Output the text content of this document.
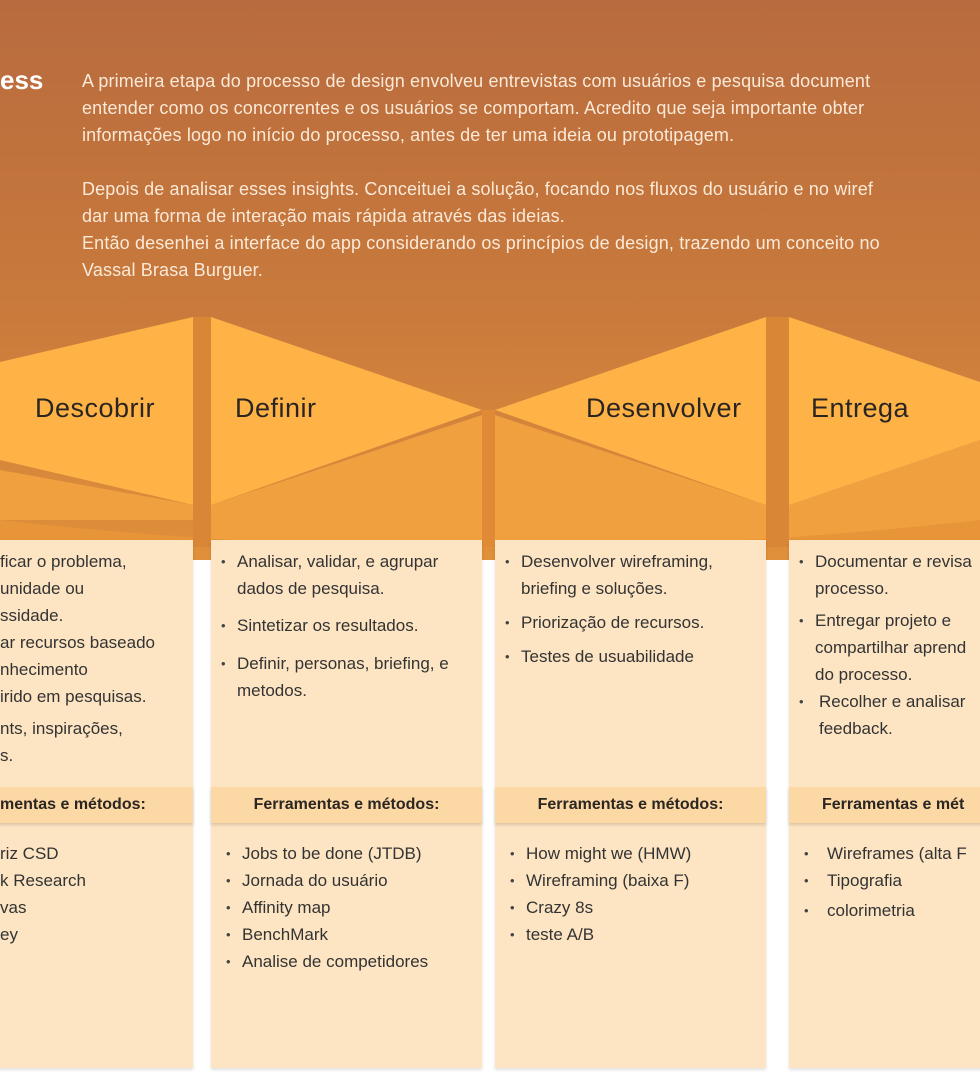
ess A primeira etapa do processo de design envolveu entrevistas com usuários e pesquisa document

entender como os concorrentes e os usuários se comportam. Acredito que seja importante obter

informações logo no início do processo, antes de ter uma ideia ou prototipagem.

Depois de analisar esses insights. Conceituei a solução, focando nos fluxos do usuário e no wiref

dar uma forma de interação mais rápida através das ideias.

Então desenhei a interface do app considerando os princípios de design, trazendo um conceito no

Vassal Brasa Burguer.

Descobrir	Definir	Desenvolver	Entrega
• ficar o problema,
unidade ou
ssidade.
• ar recursos baseado
nhecimento
irido em pesquisas.
• nts, inspirações,
s.
mentas e métodos:
• riz CSD
• k Research
• vas
• ey
• Analisar, validar, e agrupar
dados de pesquisa.
• Sintetizar os resultados.
• Definir, personas, briefing, e
metodos.
Ferramentas e métodos:
• Jobs to be done (JTDB)
• Jornada do usuário
• Affinity map
• BenchMark
• Analise de competidores
• Desenvolver wireframing,
briefing e soluções.
• Priorização de recursos.
• Testes de usuabilidade
Ferramentas e métodos:
• How might we (HMW)
• Wireframing (baixa F)
• Crazy 8s
• teste A/B
• Documentar e revisa
processo.
• Entregar projeto e
compartilhar aprend
do processo.
• Recolher e analisar
feedback.
Ferramentas e mét
• Wireframes (alta F
• Tipografia
• colorimetria
